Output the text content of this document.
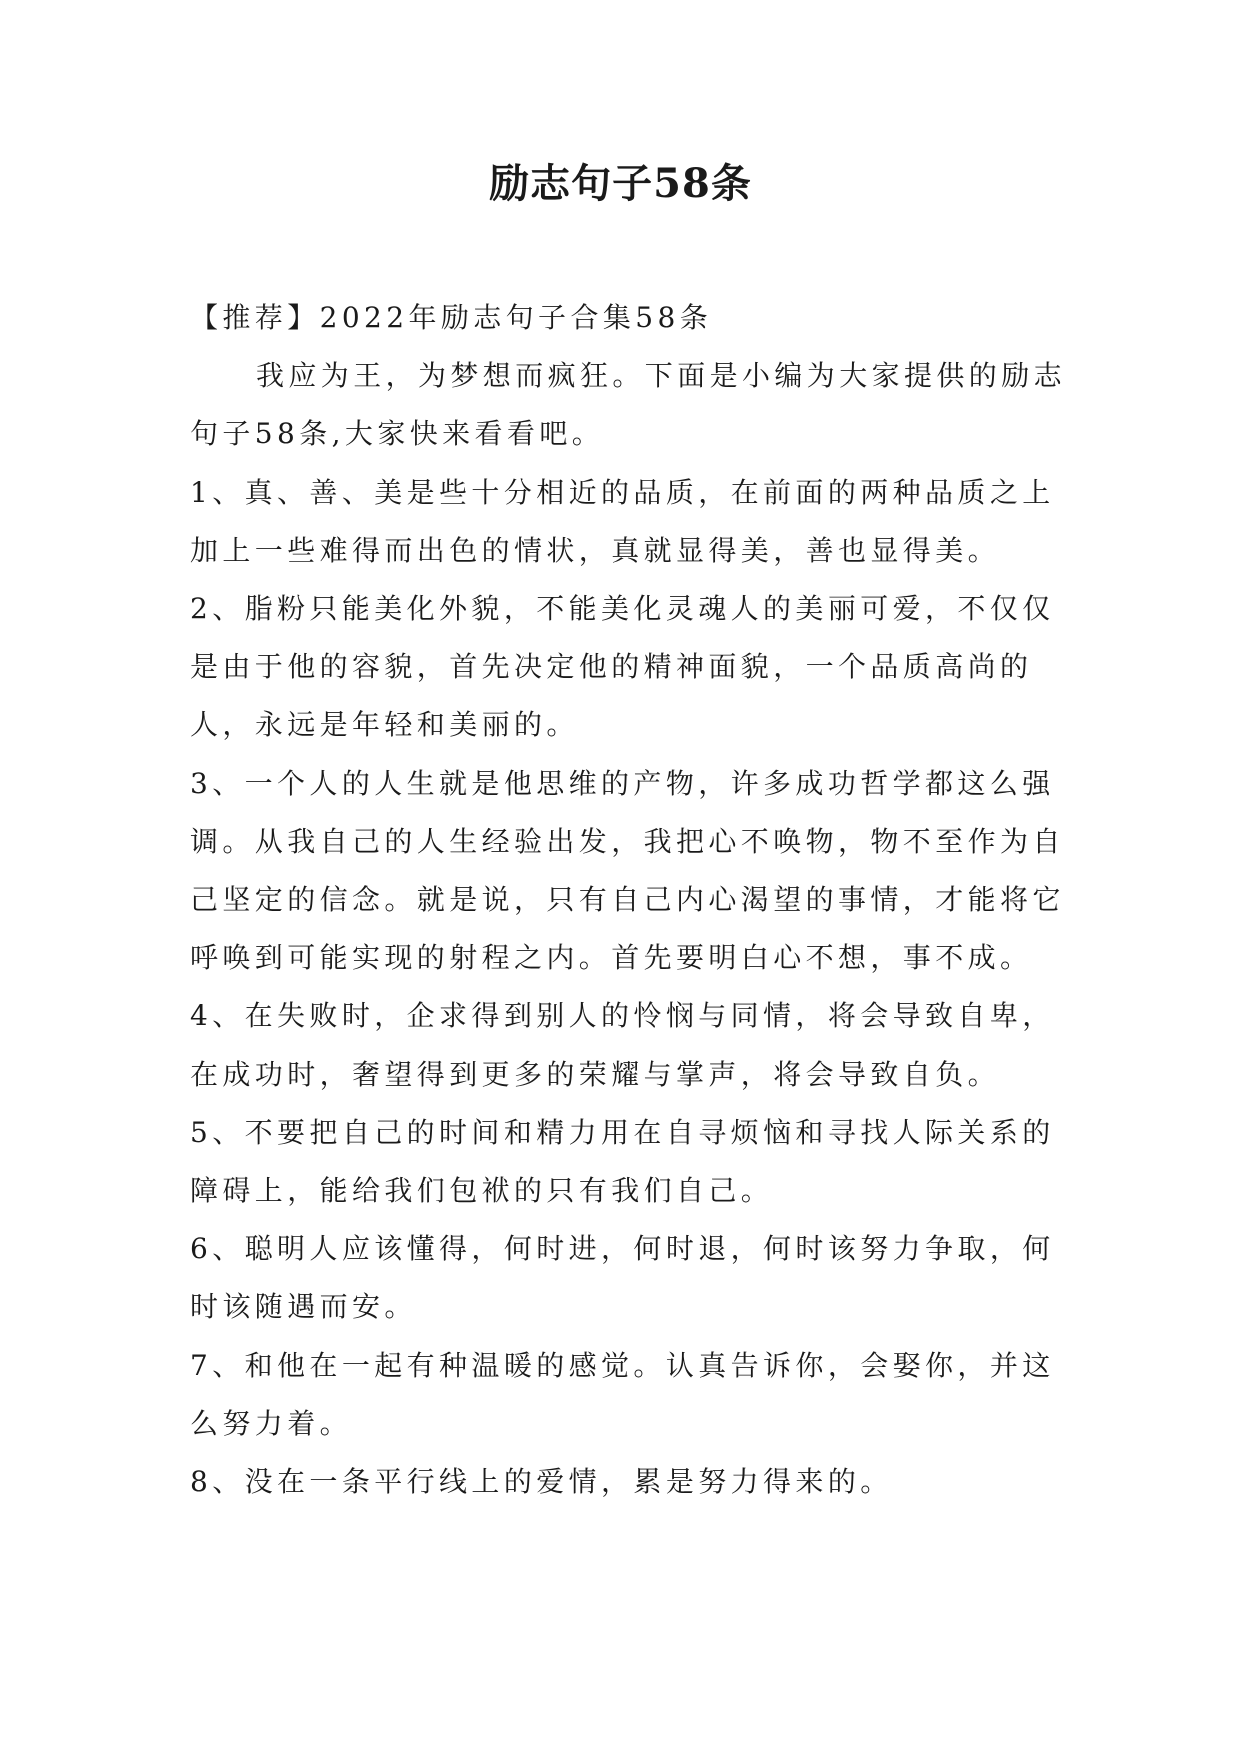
励志句子58条

【推荐】2022年励志句子合集58条

我应为王，为梦想而疯狂。下面是小编为大家提供的励志句子58条,大家快来看看吧。

1、真、善、美是些十分相近的品质，在前面的两种品质之上加上一些难得而出色的情状，真就显得美，善也显得美。

2、脂粉只能美化外貌，不能美化灵魂人的美丽可爱，不仅仅是由于他的容貌，首先决定他的精神面貌，一个品质高尚的人，永远是年轻和美丽的。

3、一个人的人生就是他思维的产物，许多成功哲学都这么强调。从我自己的人生经验出发，我把心不唤物，物不至作为自己坚定的信念。就是说，只有自己内心渴望的事情，才能将它呼唤到可能实现的射程之内。首先要明白心不想，事不成。

4、在失败时，企求得到别人的怜悯与同情，将会导致自卑，在成功时，奢望得到更多的荣耀与掌声，将会导致自负。

5、不要把自己的时间和精力用在自寻烦恼和寻找人际关系的障碍上，能给我们包袱的只有我们自己。

6、聪明人应该懂得，何时进，何时退，何时该努力争取，何时该随遇而安。

7、和他在一起有种温暖的感觉。认真告诉你，会娶你，并这么努力着。

8、没在一条平行线上的爱情，累是努力得来的。
